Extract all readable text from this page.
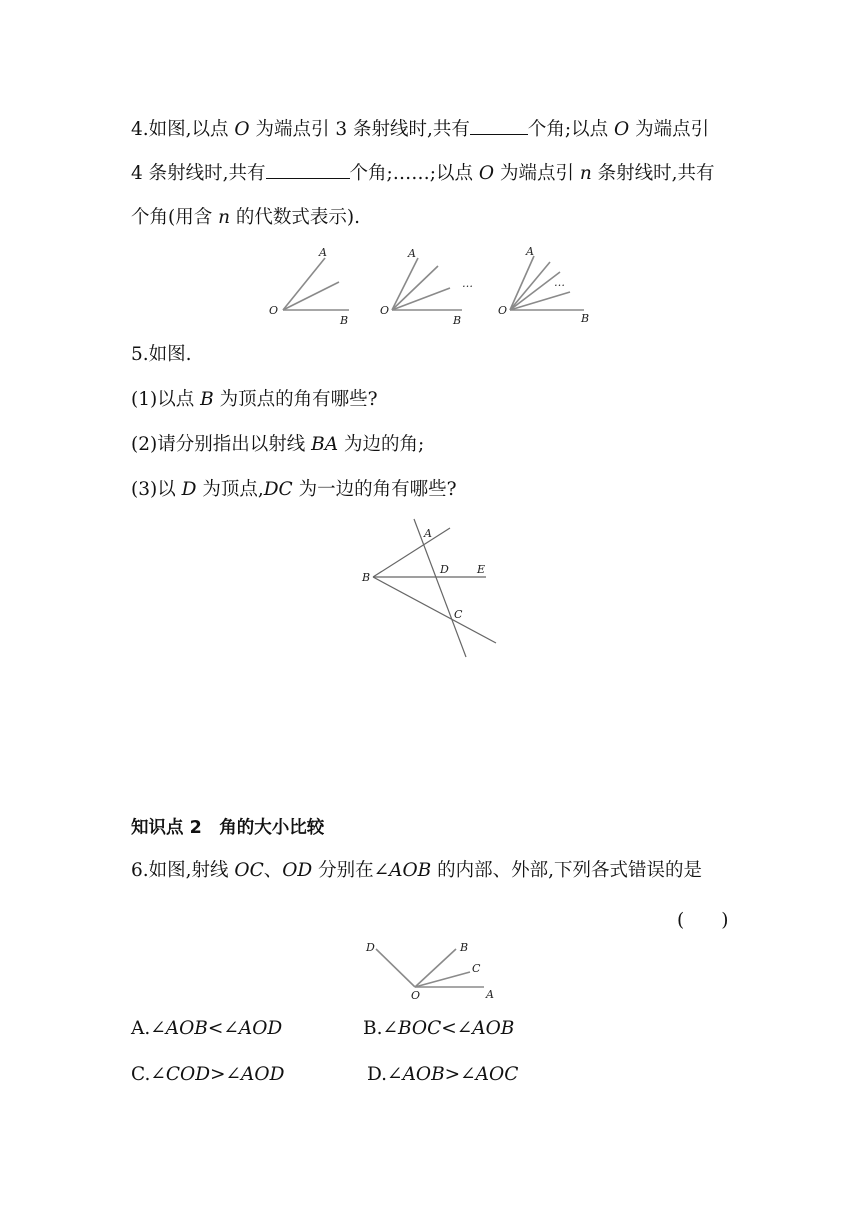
4.如图,以点 O 为端点引 3 条射线时,共有	个角;以点 O 为端点引
4 条射线时,共有	个角;……;以点 O 为端点引 n 条射线时,共有
个角(用含 n 的代数式表示).
A
O
B
A
…
O
B
A
…
O
B
5.如图.
(1)以点 B 为顶点的角有哪些?
(2)请分别指出以射线 BA 为边的角;
(3)以 D 为顶点,DC 为一边的角有哪些?
A
B
D	E
C
知识点 2　角的大小比较
6.如图,射线 OC、OD 分别在∠AOB 的内部、外部,下列各式错误的是
(　　)
D	B
C
O	A
A.∠AOB<∠AOD	B.∠BOC<∠AOB
C.∠COD>∠AOD	D.∠AOB>∠AOC
